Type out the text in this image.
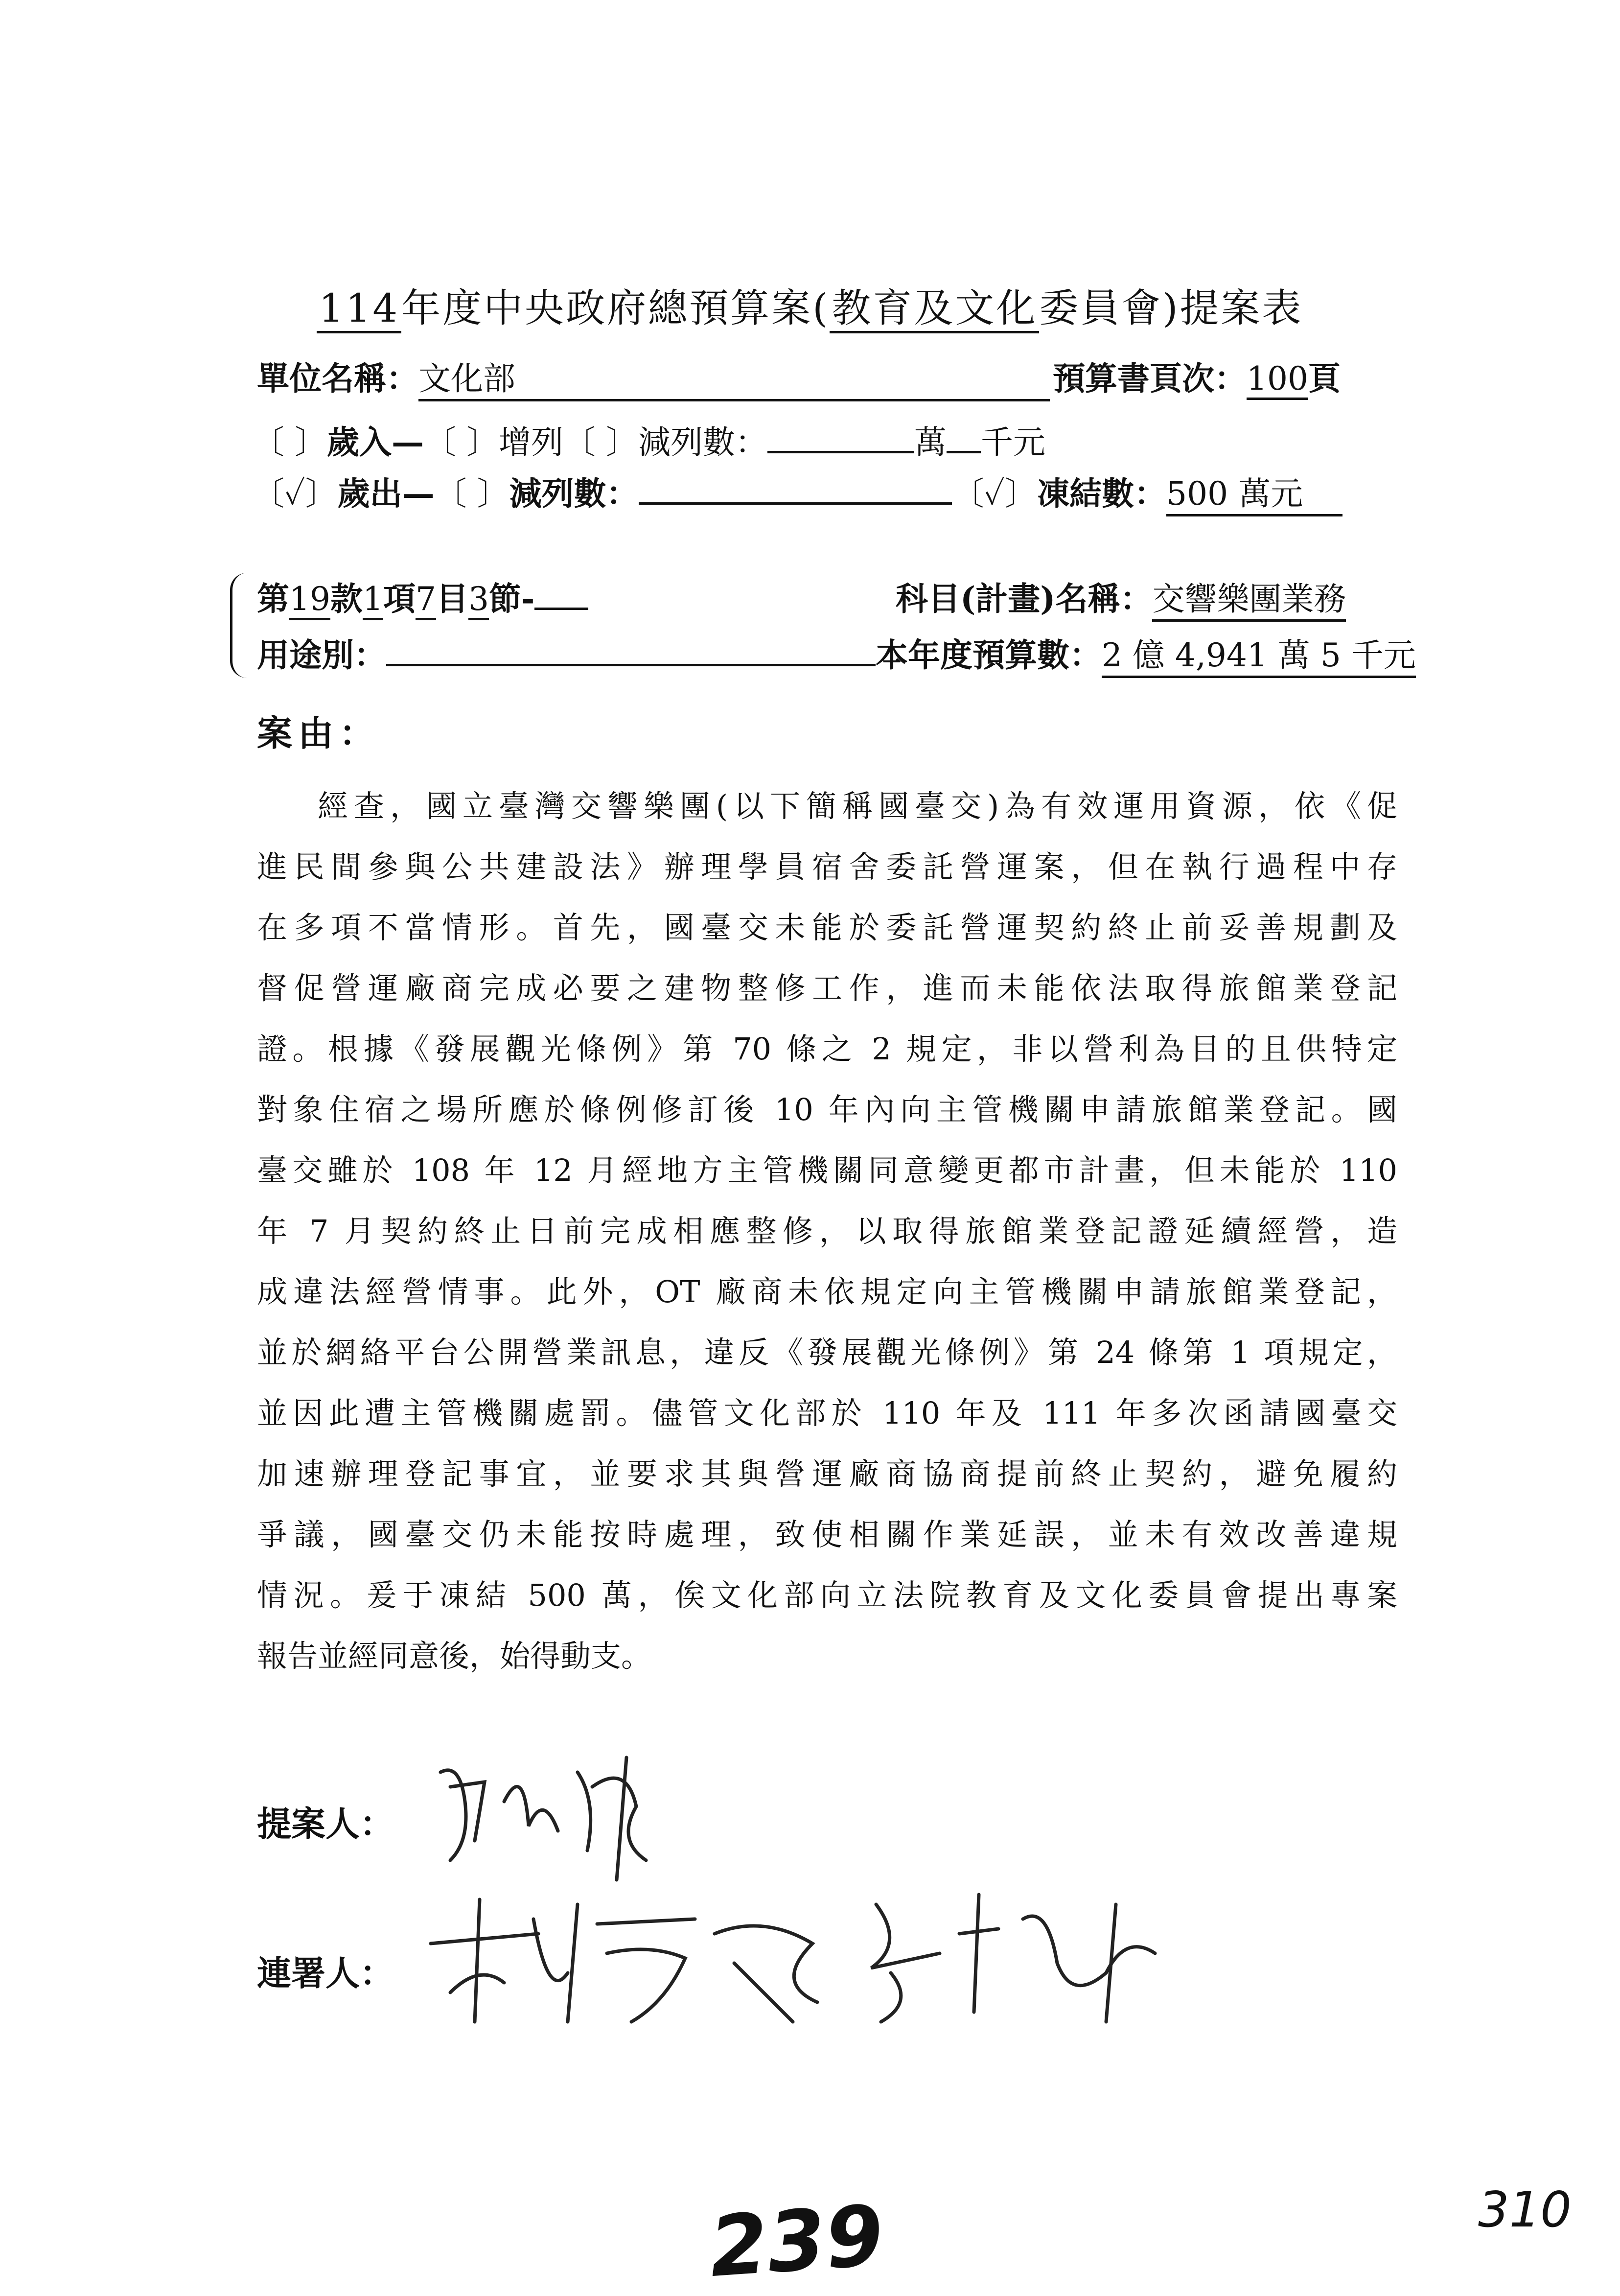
114年度中央政府總預算案(教育及文化委員會)提案表
單位名稱：文化部	預算書頁次：100頁
〔 〕歲入—〔 〕增列〔 〕減列數：	萬 千元
〔✓〕歲出—〔 〕減列數：	〔✓〕凍結數：500 萬元
第19款1項7目3節-	科目(計畫)名稱：交響樂團業務
用途別：	本年度預算數：2 億 4,941 萬 5 千元
案由：
經查，國立臺灣交響樂團(以下簡稱國臺交)為有效運用資源，依《促
進民間參與公共建設法》辦理學員宿舍委託營運案，但在執行過程中存
在多項不當情形。首先，國臺交未能於委託營運契約終止前妥善規劃及
督促營運廠商完成必要之建物整修工作，進而未能依法取得旅館業登記
證。根據《發展觀光條例》第 70 條之 2 規定，非以營利為目的且供特定
對象住宿之場所應於條例修訂後 10 年內向主管機關申請旅館業登記。國
臺交雖於 108 年 12 月經地方主管機關同意變更都市計畫，但未能於 110
年 7 月契約終止日前完成相應整修，以取得旅館業登記證延續經營，造
成違法經營情事。此外，OT 廠商未依規定向主管機關申請旅館業登記，
並於網絡平台公開營業訊息，違反《發展觀光條例》第 24 條第 1 項規定，
並因此遭主管機關處罰。儘管文化部於 110 年及 111 年多次函請國臺交
加速辦理登記事宜，並要求其與營運廠商協商提前終止契約，避免履約
爭議，國臺交仍未能按時處理，致使相關作業延誤，並未有效改善違規
情況。爰于凍結 500 萬，俟文化部向立法院教育及文化委員會提出專案
報告並經同意後，始得動支。
提案人：
連署人：
239	310
